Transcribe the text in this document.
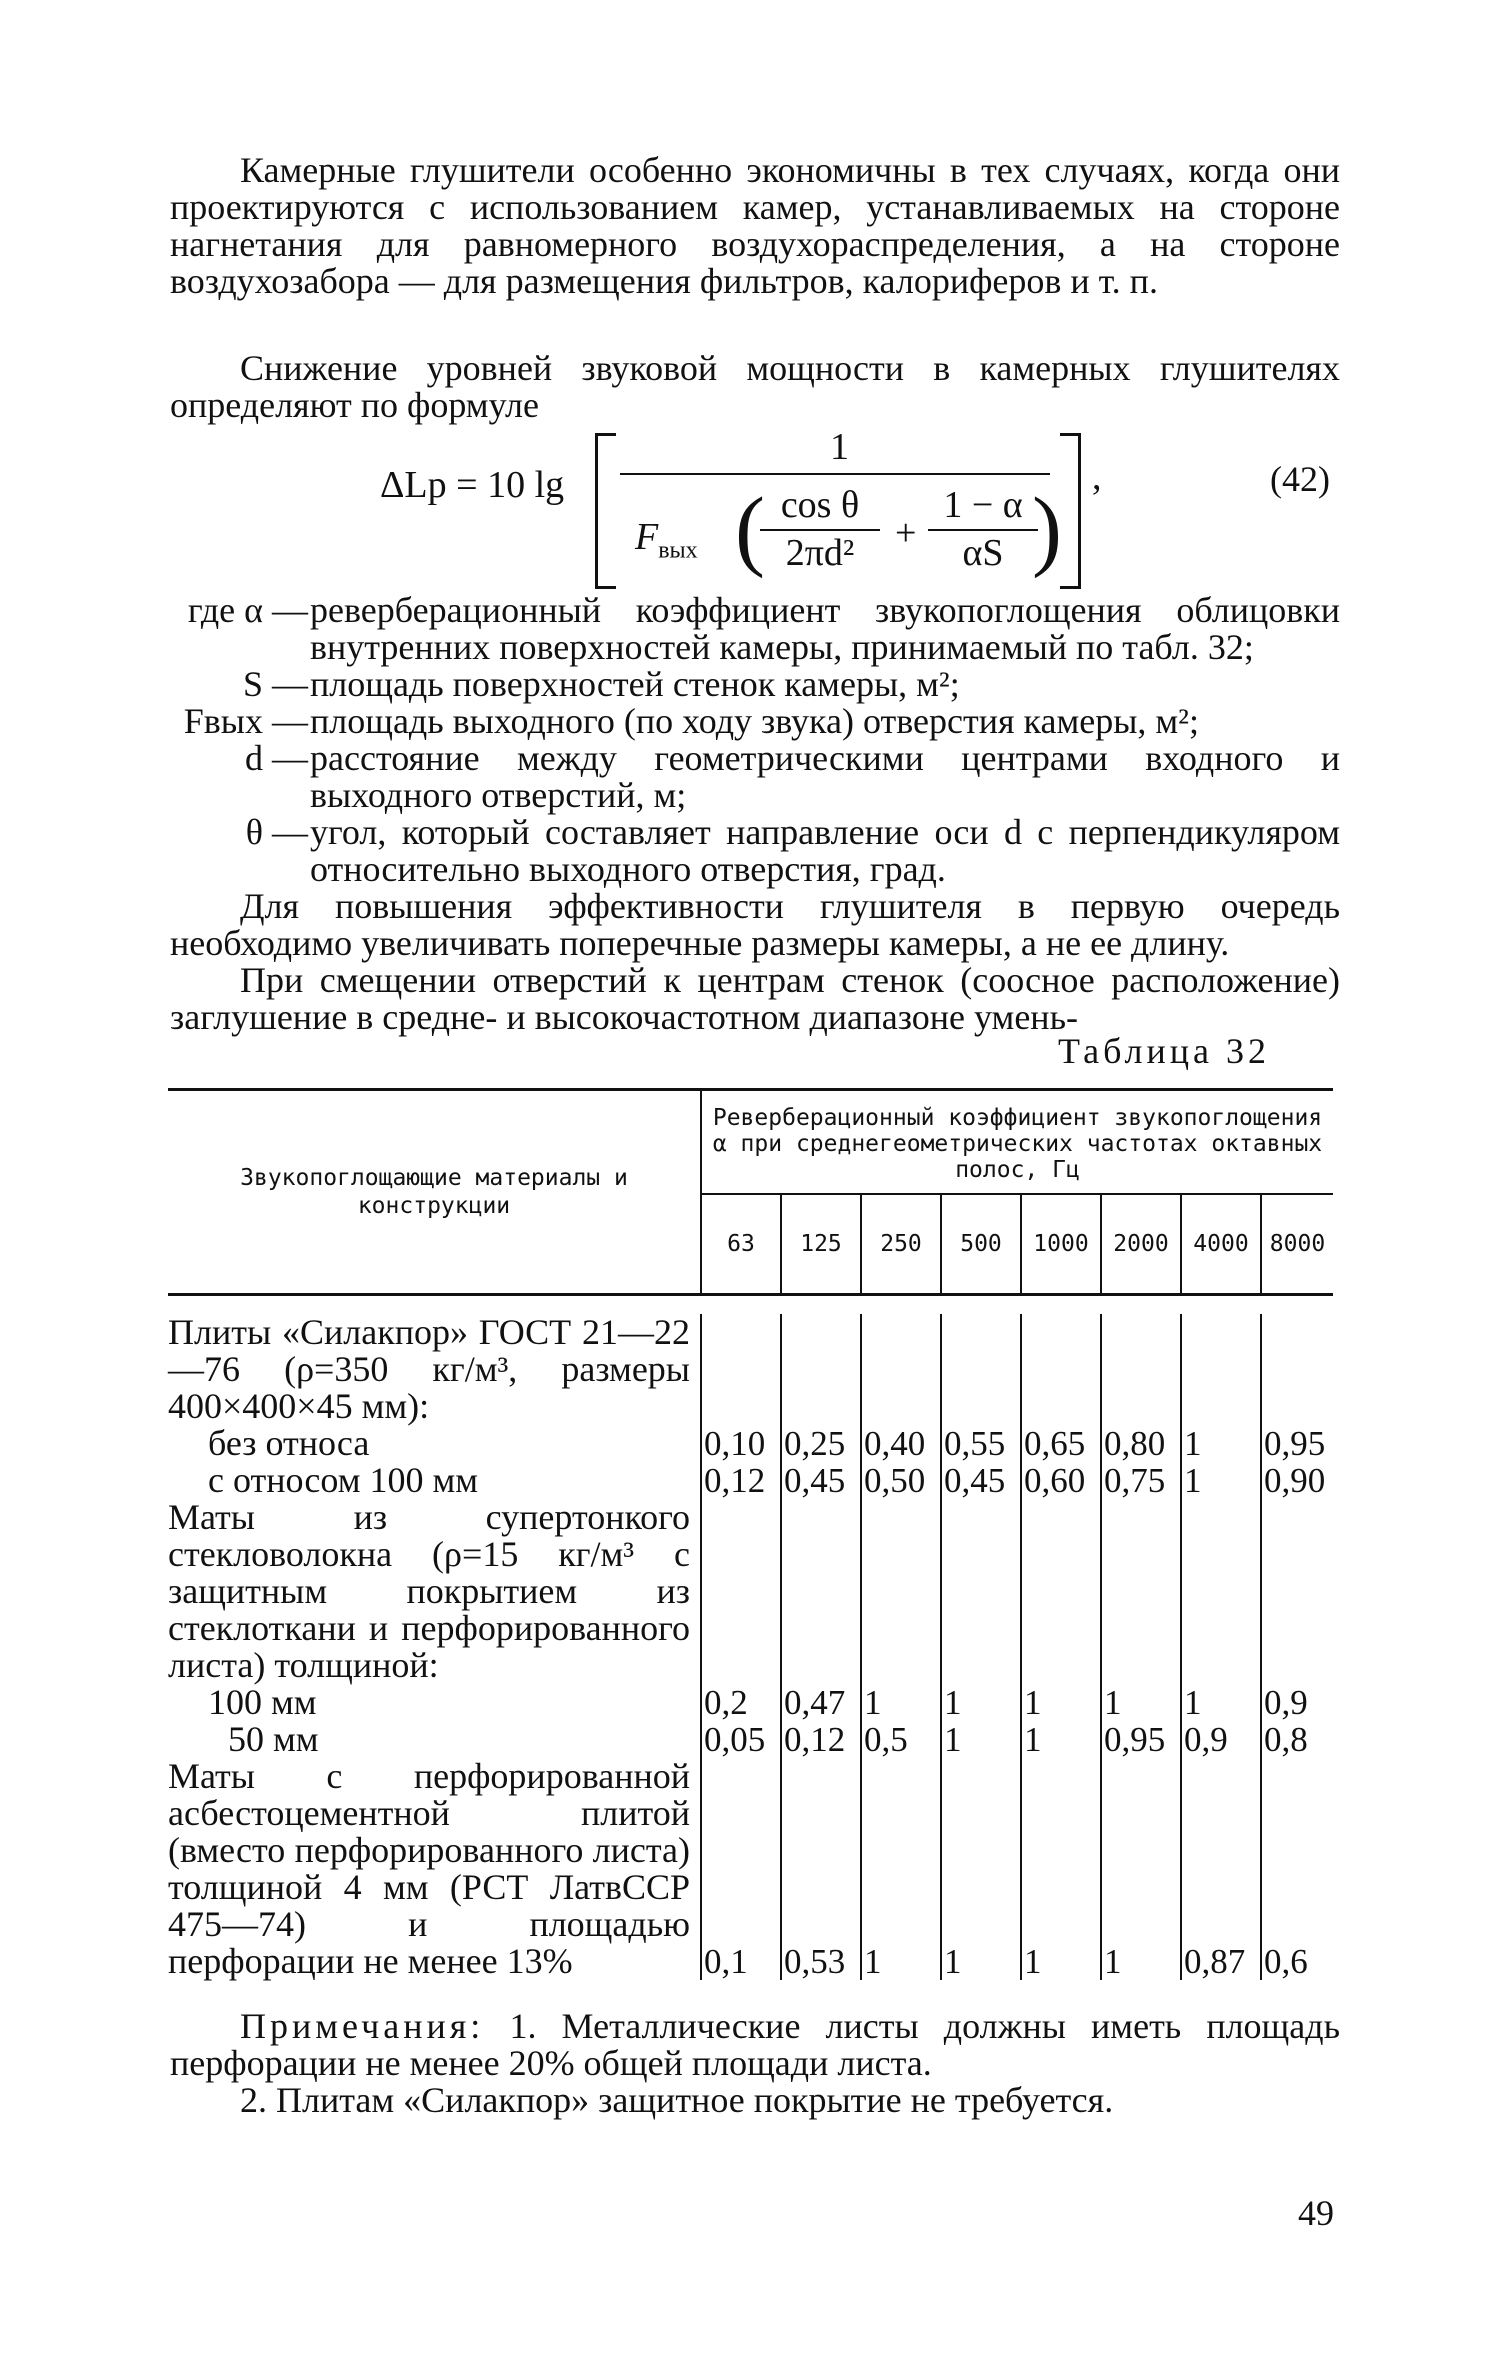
Камерные глушители особенно экономичны в тех случаях, когда они проектируются с использованием камер, устанавливаемых на стороне нагнетания для равномерного воздухораспределения, а на стороне воздухозабора — для размещения фильтров, калориферов и т. п.

Снижение уровней звуковой мощности в камерных глушителях определяют по формуле

ΔLp = 10 lg
1
$F_{вых}$ (
$\frac{\text{cos θ}}{\text{2πd²}} + \frac{1 - \alpha}{\alpha S}$
)
,	(42)
где α — реверберационный коэффициент звукопоглощения облицовки внутренних поверхностей камеры, принимаемый по табл. 32;
S — площадь поверхностей стенок камеры, м²;
Fвых — площадь выходного (по ходу звука) отверстия камеры, м²;
d — расстояние между геометрическими центрами входного и выходного отверстий, м;
θ — угол, который составляет направление оси d с перпендикуляром относительно выходного отверстия, град.

Для повышения эффективности глушителя в первую очередь необходимо увеличивать поперечные размеры камеры, а не ее длину.

При смещении отверстий к центрам стенок (соосное расположение) заглушение в средне- и высокочастотном диапазоне умень-

Таблица 32
Звукопоглощающие материалы и конструкции	Реверберационный коэффициент звукопоглощения α при среднегеометрических частотах октавных полос, Гц							
	63	125	250	500	1000	2000	4000	8000

Плиты «Силакпор» ГОСТ 21—22—76 (ρ=350 кг/м³, размеры 400×400×45 мм):								
без относа	0,10	0,25	0,40	0,55	0,65	0,80	1	0,95
с относом 100 мм	0,12	0,45	0,50	0,45	0,60	0,75	1	0,90
Маты из супертонкого стекловолокна (ρ=15 кг/м³ с защитным покрытием из стеклоткани и перфорированного листа) толщиной:								
100 мм	0,2	0,47	1	1	1	1	1	0,9
50 мм	0,05	0,12	0,5	1	1	0,95	0,9	0,8
Маты с перфорированной асбестоцементной плитой (вместо перфорированного листа) толщиной 4 мм (РСТ ЛатвССР 475—74) и площадью перфорации не менее 13%	0,1	0,53	1	1	1	1	0,87	0,6
Примечания: 1. Металлические листы должны иметь площадь перфорации не менее 20% общей площади листа.
2. Плитам «Силакпор» защитное покрытие не требуется.
49
